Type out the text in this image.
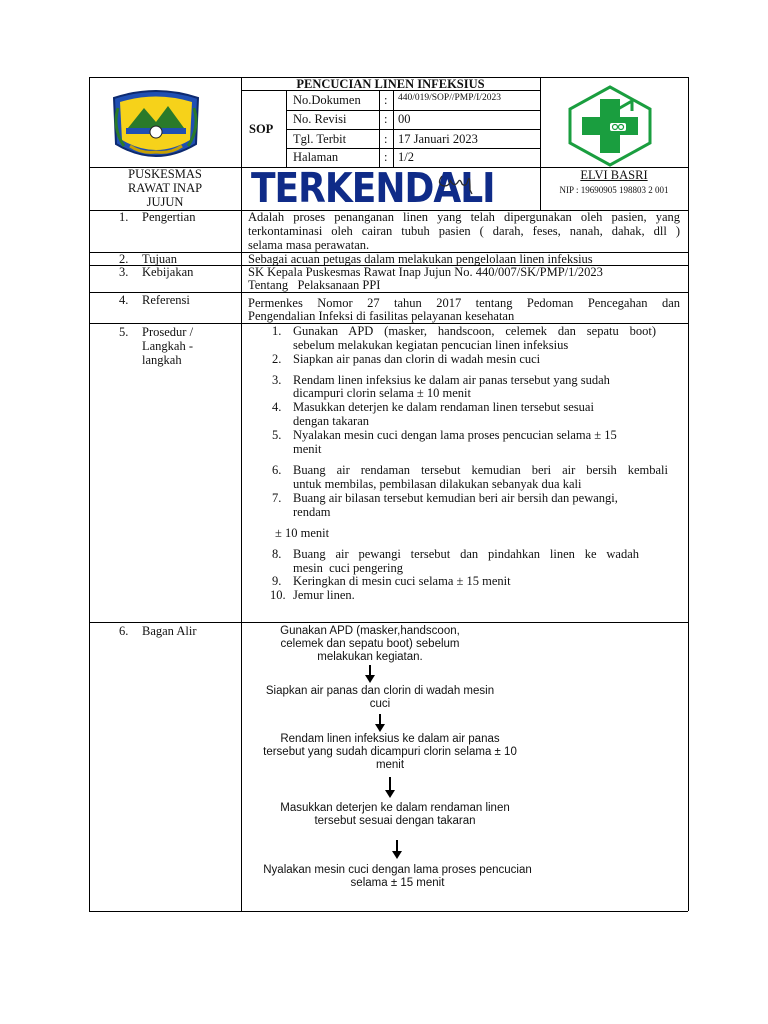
PENCUCIAN LINEN INFEKSIUS
SOP
No.Dokumen : 440/019/SOP//PMP/I/2023
No. Revisi	: 00
Tgl. Terbit	: 17 Januari 2023
Halaman	: 1/2
PUSKESMAS
RAWAT INAP
JUJUN	TERKENDALI	ELVI BASRI
NIP : 19690905 198803 2 001
1. Pengertian	Adalah proses penanganan linen yang telah dipergunakan oleh pasien, yang
terkontaminasi oleh cairan tubuh pasien ( darah, feses, nanah, dahak, dll )
selama masa perawatan.
2. Tujuan	Sebagai acuan petugas dalam melakukan pengelolaan linen infeksius
3. Kebijakan	SK Kepala Puskesmas Rawat Inap Jujun No. 440/007/SK/PMP/1/2023
Tentang   Pelaksanaan PPI
4. Referensi	Permenkes Nomor 27 tahun 2017 tentang Pedoman Pencegahan dan
Pengendalian Infeksi di fasilitas pelayanan kesehatan
5. Prosedur /
Langkah -
langkah
1. Gunakan APD (masker, handscoon, celemek dan sepatu boot)
sebelum melakukan kegiatan pencucian linen infeksius
2. Siapkan air panas dan clorin di wadah mesin cuci
3. Rendam linen infeksius ke dalam air panas tersebut yang sudah
dicampuri clorin selama ± 10 menit
4. Masukkan deterjen ke dalam rendaman linen tersebut sesuai
dengan takaran
5. Nyalakan mesin cuci dengan lama proses pencucian selama ± 15
menit
6. Buang air rendaman tersebut kemudian beri air bersih kembali
untuk membilas, pembilasan dilakukan sebanyak dua kali
7. Buang air bilasan tersebut kemudian beri air bersih dan pewangi,
rendam
± 10 menit
8. Buang air pewangi tersebut dan pindahkan linen ke wadah
mesin  cuci pengering
9. Keringkan di mesin cuci selama ± 15 menit
10. Jemur linen.
6. Bagan Alir	Gunakan APD (masker,handscoon,
celemek dan sepatu boot) sebelum
melakukan kegiatan.
Siapkan air panas dan clorin di wadah mesin
cuci
Rendam linen infeksius ke dalam air panas
tersebut yang sudah dicampuri clorin selama ± 10
menit
Masukkan deterjen ke dalam rendaman linen
tersebut sesuai dengan takaran
Nyalakan mesin cuci dengan lama proses pencucian
selama ± 15 menit
